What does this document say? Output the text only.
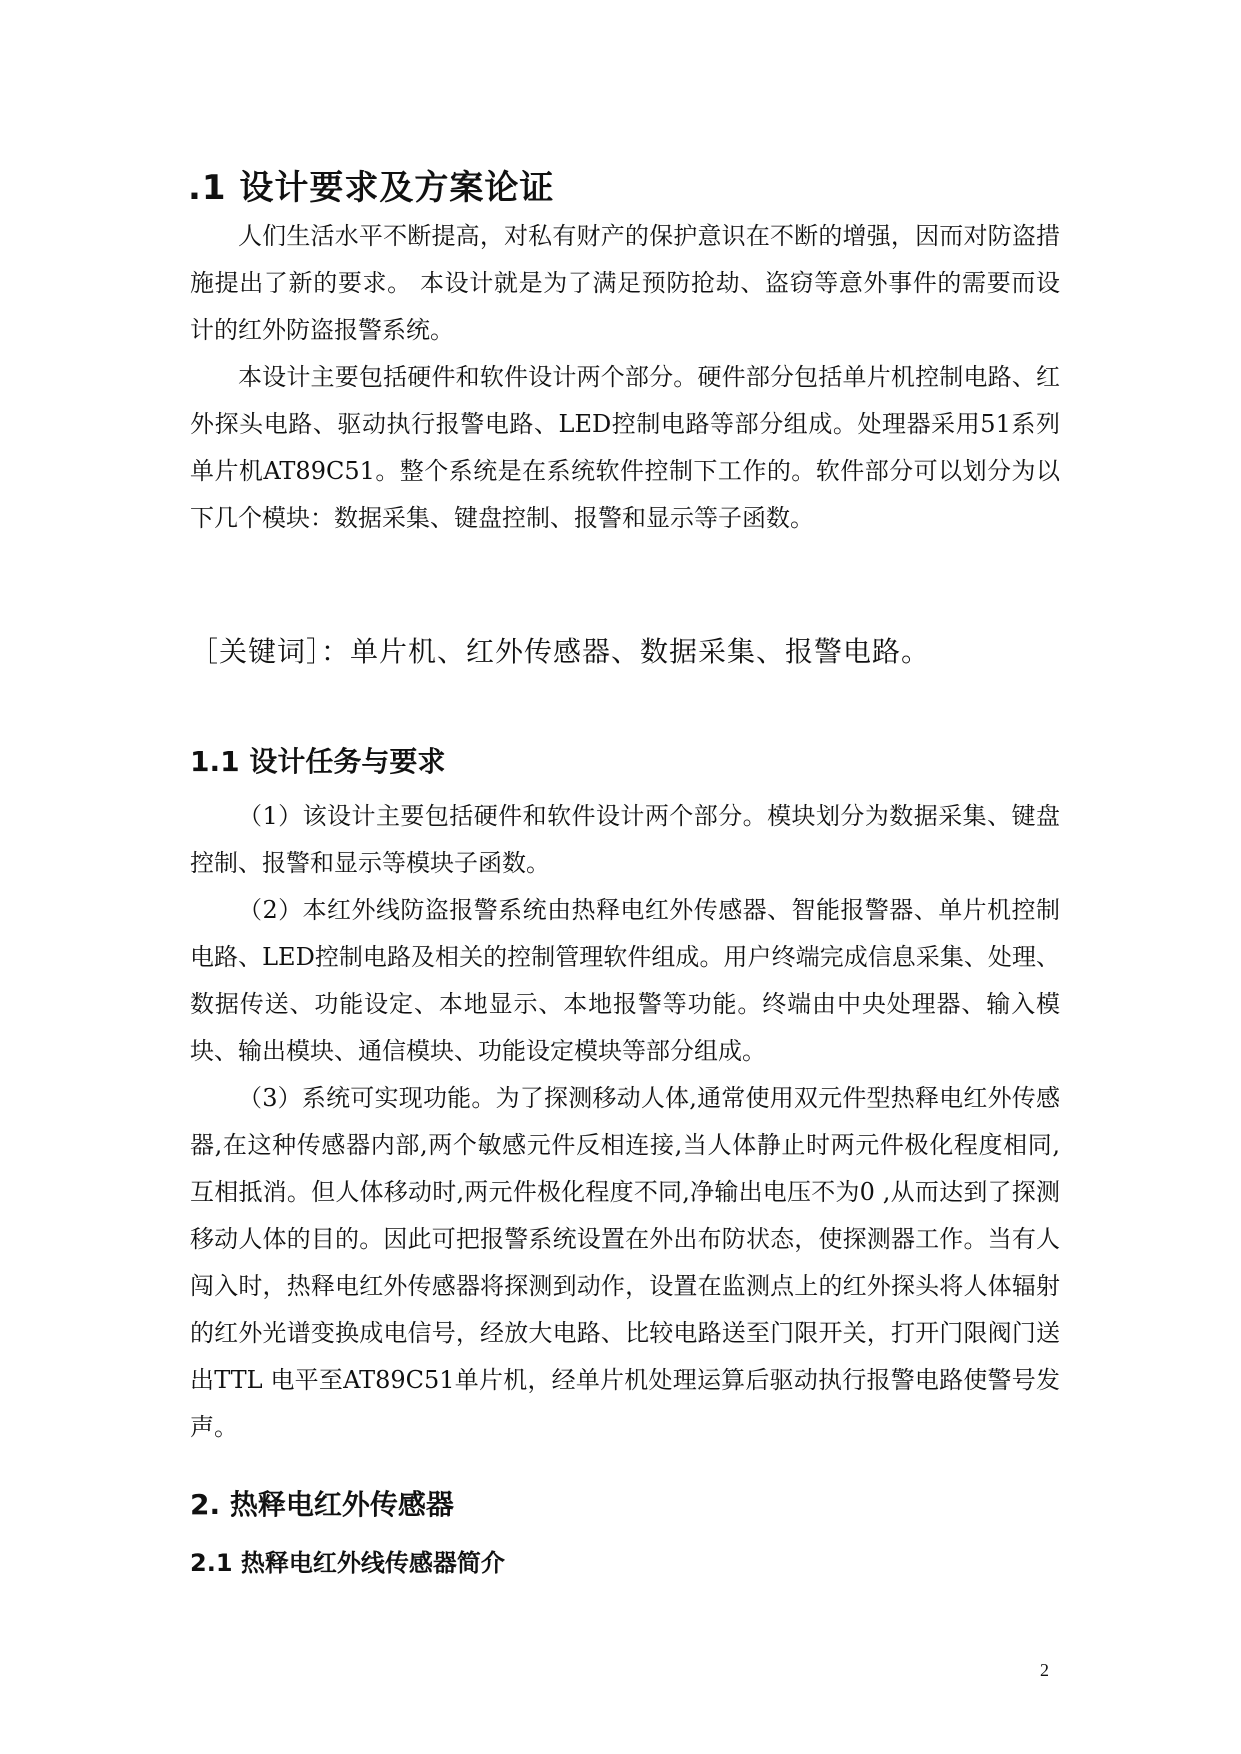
.1 设计要求及方案论证

人们生活水平不断提高，对私有财产的保护意识在不断的增强，因而对防盗措施提出了新的要求。 本设计就是为了满足预防抢劫、盗窃等意外事件的需要而设计的红外防盗报警系统。

本设计主要包括硬件和软件设计两个部分。硬件部分包括单片机控制电路、红外探头电路、驱动执行报警电路、LED控制电路等部分组成。处理器采用51系列单片机AT89C51。整个系统是在系统软件控制下工作的。软件部分可以划分为以下几个模块：数据采集、键盘控制、报警和显示等子函数。

［关键词］：单片机、红外传感器、数据采集、报警电路。
1.1 设计任务与要求

（1）该设计主要包括硬件和软件设计两个部分。模块划分为数据采集、键盘控制、报警和显示等模块子函数。

（2）本红外线防盗报警系统由热释电红外传感器、智能报警器、单片机控制电路、LED控制电路及相关的控制管理软件组成。用户终端完成信息采集、处理、数据传送、功能设定、本地显示、本地报警等功能。终端由中央处理器、输入模块、输出模块、通信模块、功能设定模块等部分组成。

（3）系统可实现功能。为了探测移动人体,通常使用双元件型热释电红外传感器,在这种传感器内部,两个敏感元件反相连接,当人体静止时两元件极化程度相同,互相抵消。但人体移动时,两元件极化程度不同,净输出电压不为0 ,从而达到了探测移动人体的目的。因此可把报警系统设置在外出布防状态，使探测器工作。当有人闯入时，热释电红外传感器将探测到动作，设置在监测点上的红外探头将人体辐射的红外光谱变换成电信号，经放大电路、比较电路送至门限开关，打开门限阀门送出TTL 电平至AT89C51单片机，经单片机处理运算后驱动执行报警电路使警号发声。

2. 热释电红外传感器
2.1 热释电红外线传感器简介
2
